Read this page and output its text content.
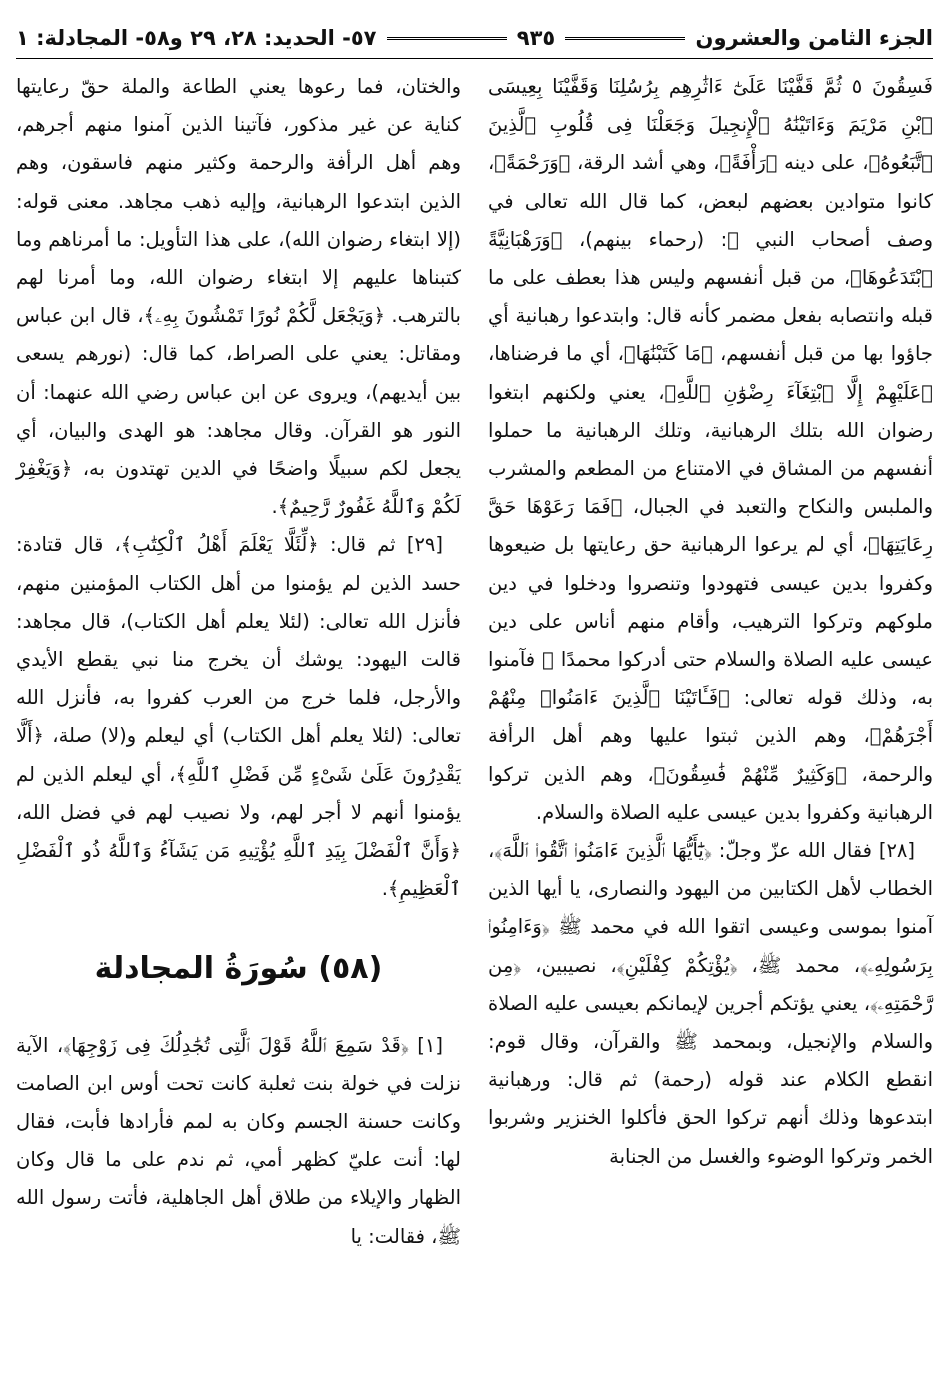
الجزء الثامن والعشرون
٩٣٥
٥٧- الحديد: ٢٨، ٢٩ و٥٨- المجادلة: ١

فَسِقُونَ ٥ ثُمَّ قَفَّيْنَا عَلَىٰٓ ءَاثَٰرِهِم بِرُسُلِنَا وَقَفَّيْنَا بِعِيسَى ٱبْنِ مَرْيَمَ وَءَاتَيْنَٰهُ ٱلْإِنجِيلَ وَجَعَلْنَا فِى قُلُوبِ ٱلَّذِينَ ٱتَّبَعُوهُ﴾، على دينه ﴿رَأْفَةً﴾، وهي أشد الرقة، ﴿وَرَحْمَةً﴾، كانوا متوادين بعضهم لبعض، كما قال الله تعالى في وصف أصحاب النبي ﷺ: (رحماء بينهم)، ﴿وَرَهْبَانِيَّةً ٱبْتَدَعُوهَا﴾، من قبل أنفسهم وليس هذا بعطف على ما قبله وانتصابه بفعل مضمر كأنه قال: وابتدعوا رهبانية أي جاؤوا بها من قبل أنفسهم، ﴿مَا كَتَبْنَٰهَا﴾، أي ما فرضناها، ﴿عَلَيْهِمْ إِلَّا ٱبْتِغَآءَ رِضْوَٰنِ ٱللَّهِ﴾، يعني ولكنهم ابتغوا رضوان الله بتلك الرهبانية، وتلك الرهبانية ما حملوا أنفسهم من المشاق في الامتناع من المطعم والمشرب والملبس والنكاح والتعبد في الجبال، ﴿فَمَا رَعَوْهَا حَقَّ رِعَايَتِهَا﴾، أي لم يرعوا الرهبانية حق رعايتها بل ضيعوها وكفروا بدين عيسى فتهودوا وتنصروا ودخلوا في دين ملوكهم وتركوا الترهيب، وأقام منهم أناس على دين عيسى عليه الصلاة والسلام حتى أدركوا محمدًا ﷺ فآمنوا به، وذلك قوله تعالى: ﴿فَـَٔاتَيْنَا ٱلَّذِينَ ءَامَنُوا۟ مِنْهُمْ أَجْرَهُمْ﴾، وهم الذين ثبتوا عليها وهم أهل الرأفة والرحمة، ﴿وَكَثِيرٌ مِّنْهُمْ فَٰسِقُونَ﴾، وهم الذين تركوا الرهبانية وكفروا بدين عيسى عليه الصلاة والسلام.

[٢٨] فقال الله عزّ وجلّ: ﴿يَٰٓأَيُّهَا ٱلَّذِينَ ءَامَنُوا۟ ٱتَّقُوا۟ ٱللَّهَ﴾، الخطاب لأهل الكتابين من اليهود والنصارى، يا أيها الذين آمنوا بموسى وعيسى اتقوا الله في محمد ﷺ ﴿وَءَامِنُوا۟ بِرَسُولِهِۦ﴾، محمد ﷺ، ﴿يُؤْتِكُمْ كِفْلَيْنِ﴾، نصيبين، ﴿مِن رَّحْمَتِهِۦ﴾، يعني يؤتكم أجرين لإيمانكم بعيسى عليه الصلاة والسلام والإنجيل، وبمحمد ﷺ والقرآن، وقال قوم: انقطع الكلام عند قوله (رحمة) ثم قال: ورهبانية ابتدعوها وذلك أنهم تركوا الحق فأكلوا الخنزير وشربوا الخمر وتركوا الوضوء والغسل من الجنابة

والختان، فما رعوها يعني الطاعة والملة حقّ رعايتها كناية عن غير مذكور، فآتينا الذين آمنوا منهم أجرهم، وهم أهل الرأفة والرحمة وكثير منهم فاسقون، وهم الذين ابتدعوا الرهبانية، وإليه ذهب مجاهد. معنى قوله: (إلا ابتغاء رضوان الله)، على هذا التأويل: ما أمرناهم وما كتبناها عليهم إلا ابتغاء رضوان الله، وما أمرنا لهم بالترهب. ﴿وَيَجْعَل لَّكُمْ نُورًا تَمْشُونَ بِهِۦ﴾، قال ابن عباس ومقاتل: يعني على الصراط، كما قال: (نورهم يسعى بين أيديهم)، ويروى عن ابن عباس رضي الله عنهما: أن النور هو القرآن. وقال مجاهد: هو الهدى والبيان، أي يجعل لكم سبيلًا واضحًا في الدين تهتدون به، ﴿وَيَغْفِرْ لَكُمْ وَٱللَّهُ غَفُورٌ رَّحِيمٌ﴾.

[٢٩] ثم قال: ﴿لِّئَلَّا يَعْلَمَ أَهْلُ ٱلْكِتَٰبِ﴾، قال قتادة: حسد الذين لم يؤمنوا من أهل الكتاب المؤمنين منهم، فأنزل الله تعالى: (لئلا يعلم أهل الكتاب)، قال مجاهد: قالت اليهود: يوشك أن يخرج منا نبي يقطع الأيدي والأرجل، فلما خرج من العرب كفروا به، فأنزل الله تعالى: (لئلا يعلم أهل الكتاب) أي ليعلم و(لا) صلة، ﴿أَلَّا يَقْدِرُونَ عَلَىٰ شَىْءٍ مِّن فَضْلِ ٱللَّهِ﴾، أي ليعلم الذين لم يؤمنوا أنهم لا أجر لهم، ولا نصيب لهم في فضل الله، ﴿وَأَنَّ ٱلْفَضْلَ بِيَدِ ٱللَّهِ يُؤْتِيهِ مَن يَشَآءُ وَٱللَّهُ ذُو ٱلْفَضْلِ ٱلْعَظِيمِ﴾.

(٥٨) سُورَةُ المجادلة

[١] ﴿قَدْ سَمِعَ ٱللَّهُ قَوْلَ ٱلَّتِى تُجَٰدِلُكَ فِى زَوْجِهَا﴾، الآية نزلت في خولة بنت ثعلبة كانت تحت أوس ابن الصامت وكانت حسنة الجسم وكان به لمم فأرادها فأبت، فقال لها: أنت عليّ كظهر أمي، ثم ندم على ما قال وكان الظهار والإيلاء من طلاق أهل الجاهلية، فأتت رسول الله ﷺ، فقالت: يا
